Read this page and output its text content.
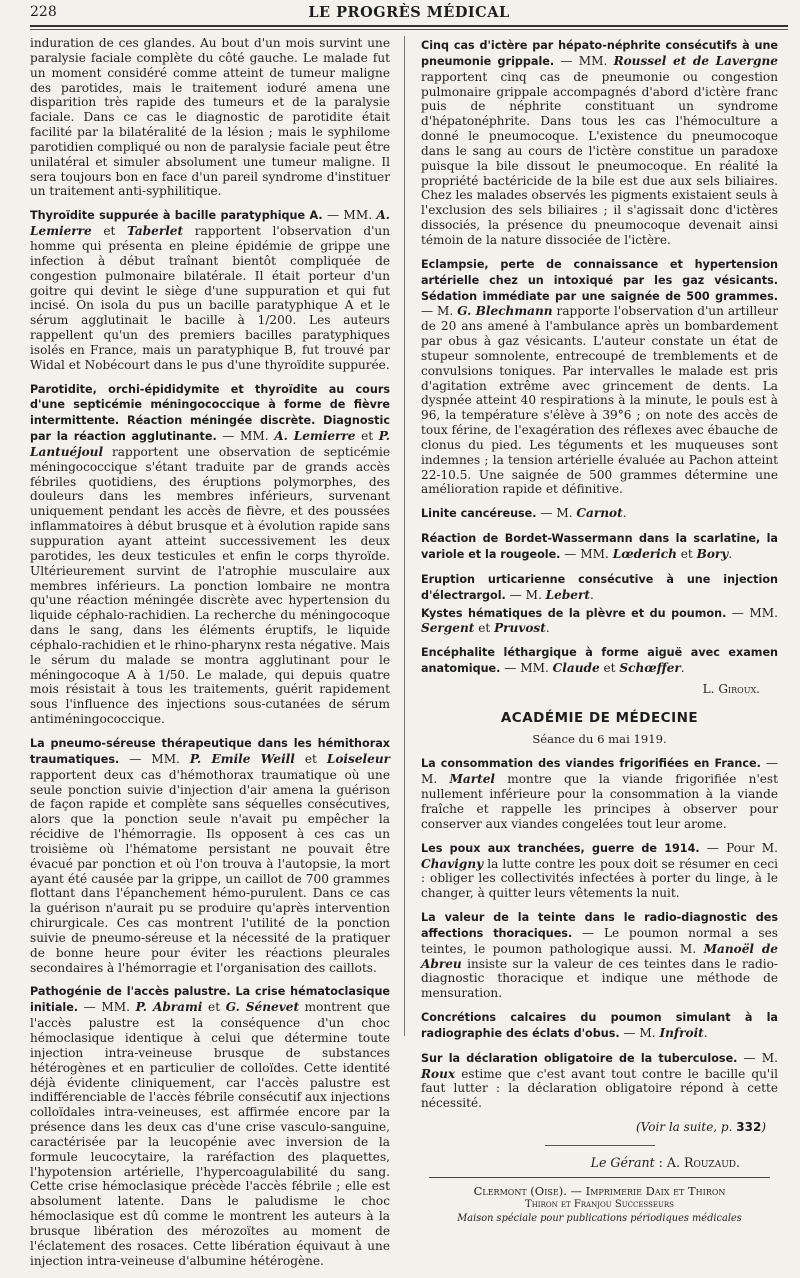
228	LE PROGRÈS MÉDICAL

induration de ces glandes. Au bout d'un mois survint une paralysie faciale complète du côté gauche. Le malade fut un moment considéré comme atteint de tumeur maligne des parotides, mais le traitement ioduré amena une disparition très rapide des tumeurs et de la paralysie faciale. Dans ce cas le diagnostic de parotidite était facilité par la bilatéralité de la lésion ; mais le syphilome parotidien compliqué ou non de paralysie faciale peut être unilatéral et simuler absolument une tumeur maligne. Il sera toujours bon en face d'un pareil syndrome d'instituer un traitement anti-syphilitique.

Thyroïdite suppurée à bacille paratyphique A. — MM. A. Lemierre et Taberlet rapportent l'observation d'un homme qui présenta en pleine épidémie de grippe une infection à début traînant bientôt compliquée de congestion pulmonaire bilatérale. Il était porteur d'un goitre qui devint le siège d'une suppuration et qui fut incisé. On isola du pus un bacille paratyphique A et le sérum agglutinait le bacille à 1/200. Les auteurs rappellent qu'un des premiers bacilles paratyphiques isolés en France, mais un paratyphique B, fut trouvé par Widal et Nobécourt dans le pus d'une thyroïdite suppurée.

Parotidite, orchi-épididymite et thyroïdite au cours d'une septicémie méningococcique à forme de fièvre intermittente. Réaction méningée discrète. Diagnostic par la réaction agglutinante. — MM. A. Lemierre et P. Lantuéjoul rapportent une observation de septicémie méningococcique s'étant traduite par de grands accès fébriles quotidiens, des éruptions polymorphes, des douleurs dans les membres inférieurs, survenant uniquement pendant les accès de fièvre, et des poussées inflammatoires à début brusque et à évolution rapide sans suppuration ayant atteint successivement les deux parotides, les deux testicules et enfin le corps thyroïde. Ultérieurement survint de l'atrophie musculaire aux membres inférieurs. La ponction lombaire ne montra qu'une réaction méningée discrète avec hypertension du liquide céphalo-rachidien. La recherche du méningocoque dans le sang, dans les éléments éruptifs, le liquide céphalo-rachidien et le rhino-pharynx resta négative. Mais le sérum du malade se montra agglutinant pour le méningocoque A à 1/50. Le malade, qui depuis quatre mois résistait à tous les traitements, guérit rapidement sous l'influence des injections sous-cutanées de sérum antiméningococcique.

La pneumo-séreuse thérapeutique dans les hémithorax traumatiques. — MM. P. Emile Weill et Loiseleur rapportent deux cas d'hémothorax traumatique où une seule ponction suivie d'injection d'air amena la guérison de façon rapide et complète sans séquelles consécutives, alors que la ponction seule n'avait pu empêcher la récidive de l'hémorragie. Ils opposent à ces cas un troisième où l'hématome persistant ne pouvait être évacué par ponction et où l'on trouva à l'autopsie, la mort ayant été causée par la grippe, un caillot de 700 grammes flottant dans l'épanchement hémo-purulent. Dans ce cas la guérison n'aurait pu se produire qu'après intervention chirurgicale. Ces cas montrent l'utilité de la ponction suivie de pneumo-séreuse et la nécessité de la pratiquer de bonne heure pour éviter les réactions pleurales secondaires à l'hémorragie et l'organisation des caillots.

Pathogénie de l'accès palustre. La crise hématoclasique initiale. — MM. P. Abrami et G. Sénevet montrent que l'accès palustre est la conséquence d'un choc hémoclasique identique à celui que détermine toute injection intra-veineuse brusque de substances hétérogènes et en particulier de colloïdes. Cette identité déjà évidente cliniquement, car l'accès palustre est indifférenciable de l'accès fébrile consécutif aux injections colloïdales intra-veineuses, est affirmée encore par la présence dans les deux cas d'une crise vasculo-sanguine, caractérisée par la leucopénie avec inversion de la formule leucocytaire, la raréfaction des plaquettes, l'hypotension artérielle, l'hypercoagulabilité du sang. Cette crise hémoclasique précède l'accès fébrile ; elle est absolument latente. Dans le paludisme le choc hémoclasique est dû comme le montrent les auteurs à la brusque libération des mérozoïtes au moment de l'éclatement des rosaces. Cette libération équivaut à une injection intra-veineuse d'albumine hétérogène.

Cinq cas d'ictère par hépato-néphrite consécutifs à une pneumonie grippale. — MM. Roussel et de Lavergne rapportent cinq cas de pneumonie ou congestion pulmonaire grippale accompagnés d'abord d'ictère franc puis de néphrite constituant un syndrome d'hépatonéphrite. Dans tous les cas l'hémoculture a donné le pneumocoque. L'existence du pneumocoque dans le sang au cours de l'ictère constitue un paradoxe puisque la bile dissout le pneumocoque. En réalité la propriété bactéricide de la bile est due aux sels biliaires. Chez les malades observés les pigments existaient seuls à l'exclusion des sels biliaires ; il s'agissait donc d'ictères dissociés, la présence du pneumocoque devenait ainsi témoin de la nature dissociée de l'ictère.

Eclampsie, perte de connaissance et hypertension artérielle chez un intoxiqué par les gaz vésicants. Sédation immédiate par une saignée de 500 grammes. — M. G. Blechmann rapporte l'observation d'un artilleur de 20 ans amené à l'ambulance après un bombardement par obus à gaz vésicants. L'auteur constate un état de stupeur somnolente, entrecoupé de tremblements et de convulsions toniques. Par intervalles le malade est pris d'agitation extrême avec grincement de dents. La dyspnée atteint 40 respirations à la minute, le pouls est à 96, la température s'élève à 39°6 ; on note des accès de toux férine, de l'exagération des réflexes avec ébauche de clonus du pied. Les téguments et les muqueuses sont indemnes ; la tension artérielle évaluée au Pachon atteint 22-10.5. Une saignée de 500 grammes détermine une amélioration rapide et définitive.

Linite cancéreuse. — M. Carnot.

Réaction de Bordet-Wassermann dans la scarlatine, la variole et la rougeole. — MM. Lœderich et Bory.

Eruption urticarienne consécutive à une injection d'électrargol. — M. Lebert.

Kystes hématiques de la plèvre et du poumon. — MM. Sergent et Pruvost.

Encéphalite léthargique à forme aiguë avec examen anatomique. — MM. Claude et Schœffer.

L. Giroux.
ACADÉMIE DE MÉDECINE
Séance du 6 mai 1919.

La consommation des viandes frigorifiées en France. — M. Martel montre que la viande frigorifiée n'est nullement inférieure pour la consommation à la viande fraîche et rappelle les principes à observer pour conserver aux viandes congelées tout leur arome.

Les poux aux tranchées, guerre de 1914. — Pour M. Chavigny la lutte contre les poux doit se résumer en ceci : obliger les collectivités infectées à porter du linge, à le changer, à quitter leurs vêtements la nuit.

La valeur de la teinte dans le radio-diagnostic des affections thoraciques. — Le poumon normal a ses teintes, le poumon pathologique aussi. M. Manoël de Abreu insiste sur la valeur de ces teintes dans le radio-diagnostic thoracique et indique une méthode de mensuration.

Concrétions calcaires du poumon simulant à la radiographie des éclats d'obus. — M. Infroit.

Sur la déclaration obligatoire de la tuberculose. — M. Roux estime que c'est avant tout contre le bacille qu'il faut lutter : la déclaration obligatoire répond à cette nécessité.

(Voir la suite, p. 332)
Le Gérant : A. Rouzaud.
Clermont (Oise). — Imprimerie Daix et Thiron
Thiron et Franjou Successeurs
Maison spéciale pour publications périodiques médicales
